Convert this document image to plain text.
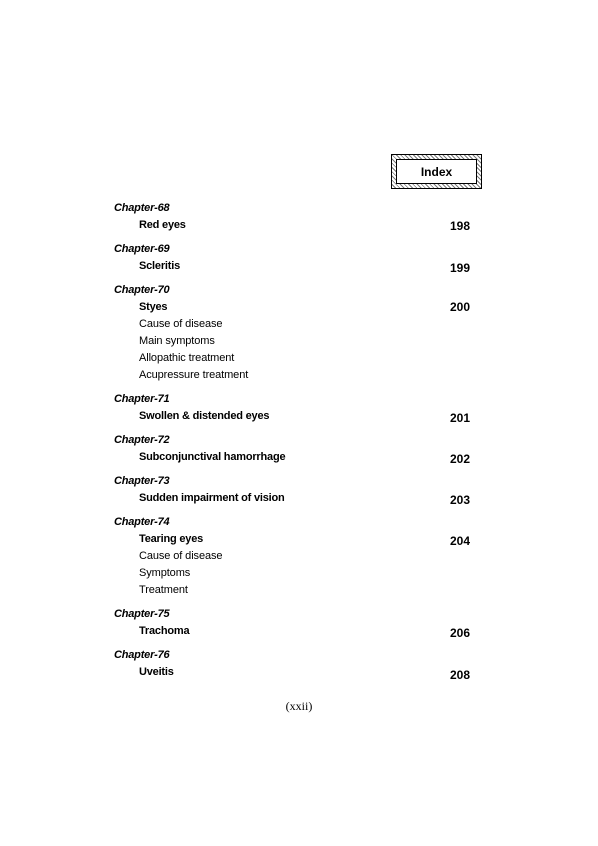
Index
Chapter-68
Red eyes	198
Chapter-69
Scleritis	199
Chapter-70
Styes	200
Cause of disease
Main symptoms
Allopathic treatment
Acupressure treatment
Chapter-71
Swollen & distended eyes	201
Chapter-72
Subconjunctival hamorrhage	202
Chapter-73
Sudden impairment of vision	203
Chapter-74
Tearing eyes	204
Cause of disease
Symptoms
Treatment
Chapter-75
Trachoma	206
Chapter-76
Uveitis	208
(xxii)
